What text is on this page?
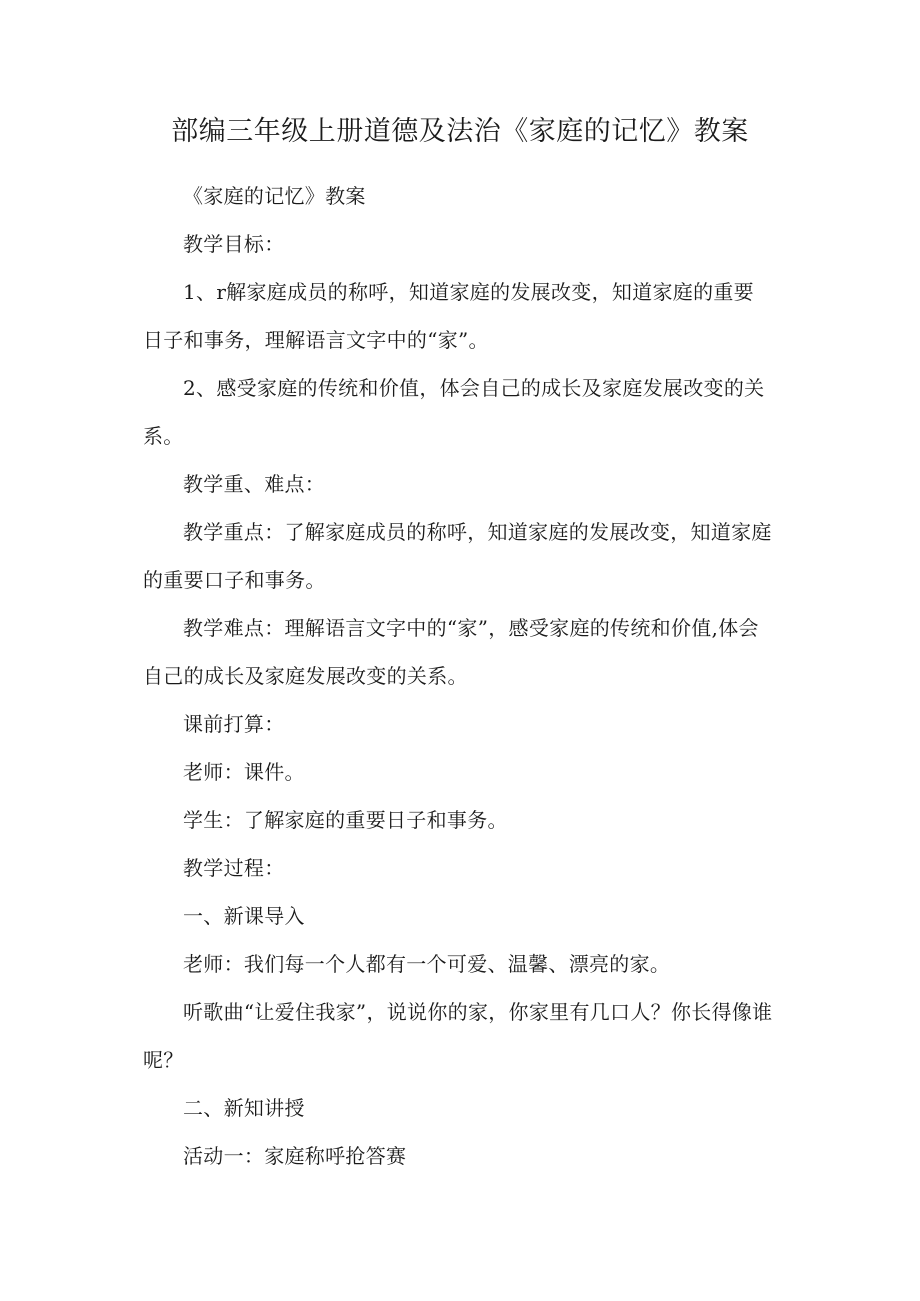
部编三年级上册道德及法治《家庭的记忆》教案

《家庭的记忆》教案

教学目标：

1、r解家庭成员的称呼，知道家庭的发展改变，知道家庭的重要日子和事务，理解语言文字中的“家”。

2、感受家庭的传统和价值，体会自己的成长及家庭发展改变的关系。

教学重、难点：

教学重点：了解家庭成员的称呼，知道家庭的发展改变，知道家庭的重要口子和事务。

教学难点：理解语言文字中的“家”，感受家庭的传统和价值,体会自己的成长及家庭发展改变的关系。

课前打算：

老师：课件。

学生：了解家庭的重要日子和事务。

教学过程：

一、新课导入

老师：我们每一个人都有一个可爱、温馨、漂亮的家。

听歌曲“让爱住我家”，说说你的家，你家里有几口人？你长得像谁呢？

二、新知讲授

活动一：家庭称呼抢答赛
